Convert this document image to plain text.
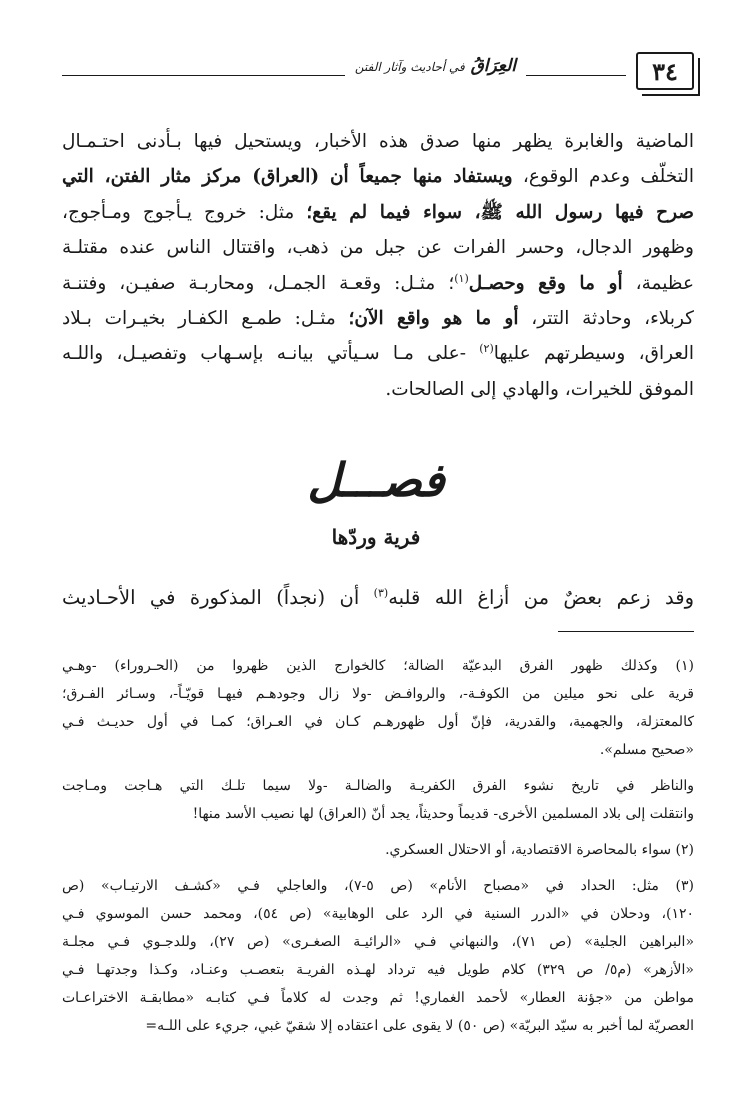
٣٤
العِرَاقُ في أحاديث وآثار الفتن
الماضية والغابرة يظهر منها صدق هذه الأخبار، ويستحيل فيها بـأدنى احتـمـال
التخلّف وعدم الوقوع، ويستفاد منها جميعاً أن (العراق) مركز مثار الفتن، التي
صرح فيها رسول الله ﷺ، سواء فيما لم يقع؛ مثل: خروج يـأجوج ومـأجوج،
وظهور الدجال، وحسر الفرات عن جبل من ذهب، واقتتال الناس عنده مقتلـة
عظيمة، أو ما وقع وحصـل$^{(١)}$؛ مثـل: وقعـة الجمـل، ومحاربـة صفيـن، وفتنـة
كربلاء، وحادثة التتر، أو ما هو واقع الآن؛ مثـل: طمـع الكفـار بخيـرات بـلاد
العراق، وسيطرتهم عليها$^{(٢)}$ -على مـا سـيأتي بيانـه بإسـهاب وتفصيـل، واللـه
الموفق للخيرات، والهادي إلى الصالحات.
فصـــل
فرية وردّها
وقد زعم بعضٌ من أزاغ الله قلبه$^{(٣)}$ أن (نجداً) المذكورة في الأحـاديث
(١) وكذلك ظهور الفرق البدعيّة الضالة؛ كالخوارج الذين ظهروا من (الحـروراء) -وهـي
قرية على نحو ميلين من الكوفـة-، والروافـض -ولا زال وجودهـم فيهـا قويّـاً-، وسـائر الفـرق؛
كالمعتزلة، والجهمية، والقدرية، فإنّ أول ظهورهـم كـان في العـراق؛ كمـا في أول حديـث فـي
«صحيح مسلم».
والناظر في تاريخ نشوء الفرق الكفريـة والضالـة -ولا سيما تلـك التي هـاجت ومـاجت
وانتقلت إلى بلاد المسلمين الأخرى- قديماً وحديثاً، يجد أنّ (العراق) لها نصيب الأسد منها!
(٢) سواء بالمحاصرة الاقتصادية، أو الاحتلال العسكري.
(٣) مثل: الحداد في «مصباح الأنام» (ص ٥-٧)، والعاجلي فـي «كشـف الارتيـاب» (ص
١٢٠)، ودحلان في «الدرر السنية في الرد على الوهابية» (ص ٥٤)، ومحمد حسن الموسوي فـي
«البراهين الجلية» (ص ٧١)، والنبهاني فـي «الرائيـة الصغـرى» (ص ٢٧)، وللدجـوي فـي مجلـة
«الأزهر» (م٥/ ص ٣٢٩) كلام طويل فيه ترداد لهـذه الفريـة بتعصـب وعنـاد، وكـذا وجدتهـا فـي
مواطن من «جؤنة العطار» لأحمد الغماري! ثم وجدت له كلاماً فـي كتابـه «مطابقـة الاختراعـات
العصريّة لما أخبر به سيّد البريّة» (ص ٥٠) لا يقوى على اعتقاده إلا شقيّ غبي، جريء على اللـه=
